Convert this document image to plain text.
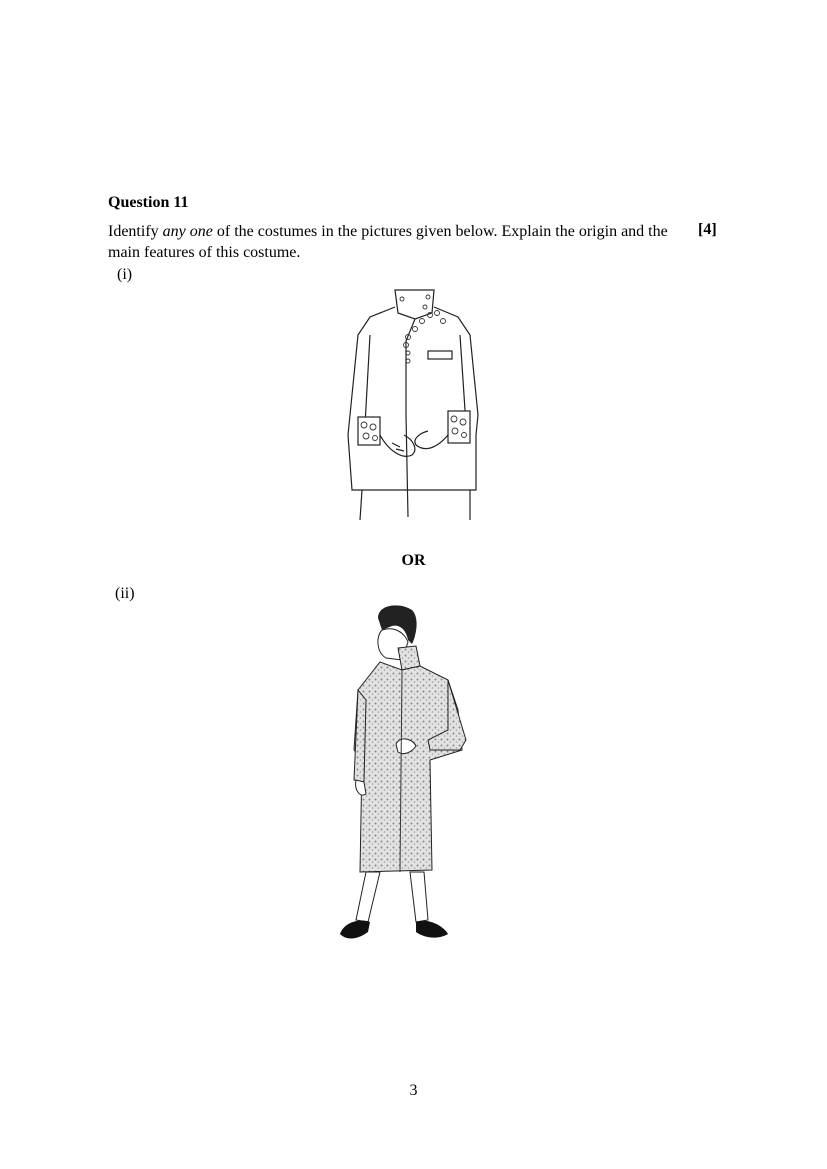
Question 11
Identify any one of the costumes in the pictures given below. Explain the origin and the main features of this costume.
[4]
(i)
OR
(ii)
3
